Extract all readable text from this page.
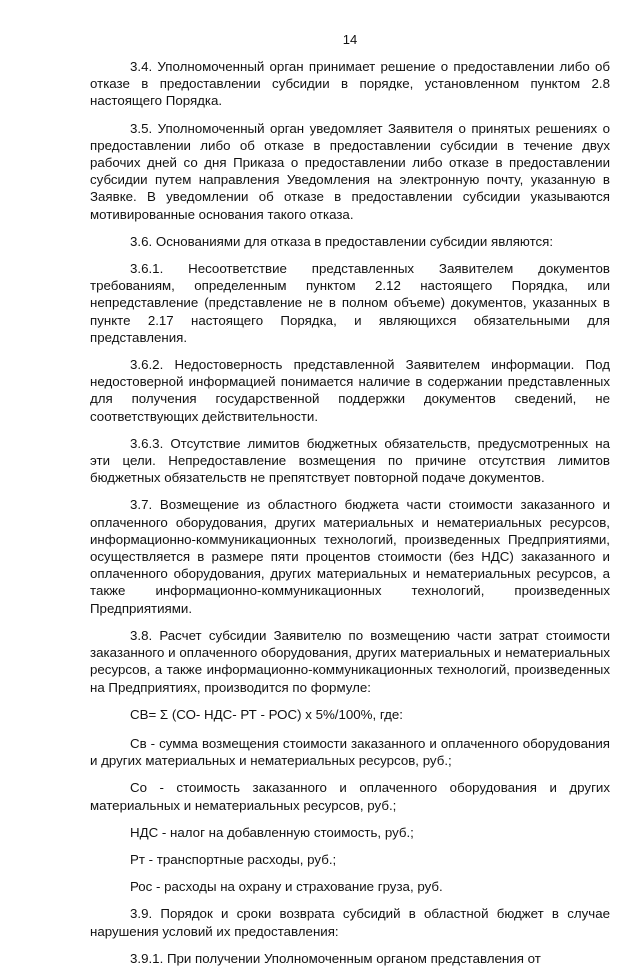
14

3.4. Уполномоченный орган принимает решение о предоставлении либо об отказе в предоставлении субсидии в порядке, установленном пунктом 2.8 настоящего Порядка.

3.5. Уполномоченный орган уведомляет Заявителя о принятых решениях о предоставлении либо об отказе в предоставлении субсидии в течение двух рабочих дней со дня Приказа о предоставлении либо отказе в предоставлении субсидии путем направления Уведомления на электронную почту, указанную в Заявке. В уведомлении об отказе в предоставлении субсидии указываются мотивированные основания такого отказа.

3.6. Основаниями для отказа в предоставлении субсидии являются:

3.6.1. Несоответствие представленных Заявителем документов требованиям, определенным пунктом 2.12 настоящего Порядка, или непредставление (представление не в полном объеме) документов, указанных в пункте 2.17 настоящего Порядка, и являющихся обязательными для представления.

3.6.2. Недостоверность представленной Заявителем информации. Под недостоверной информацией понимается наличие в содержании представленных для получения государственной поддержки документов сведений, не соответствующих действительности.

3.6.3. Отсутствие лимитов бюджетных обязательств, предусмотренных на эти цели. Непредоставление возмещения по причине отсутствия лимитов бюджетных обязательств не препятствует повторной подаче документов.

3.7. Возмещение из областного бюджета части стоимости заказанного и оплаченного оборудования, других материальных и нематериальных ресурсов, информационно-коммуникационных технологий, произведенных Предприятиями, осуществляется в размере пяти процентов стоимости (без НДС) заказанного и оплаченного оборудования, других материальных и нематериальных ресурсов, а также информационно-коммуникационных технологий, произведенных Предприятиями.

3.8. Расчет субсидии Заявителю по возмещению части затрат стоимости заказанного и оплаченного оборудования, других материальных и нематериальных ресурсов, а также информационно-коммуникационных технологий, произведенных на Предприятиях, производится по формуле:

СВ= Σ (СО- НДС- РТ - РОС) х 5%/100%, где:

Св - сумма возмещения стоимости заказанного и оплаченного оборудования и других материальных и нематериальных ресурсов, руб.;

Со - стоимость заказанного и оплаченного оборудования и других материальных и нематериальных ресурсов, руб.;

НДС - налог на добавленную стоимость, руб.;

Рт - транспортные расходы, руб.;

Рос - расходы на охрану и страхование груза, руб.

3.9. Порядок и сроки возврата субсидий в областной бюджет в случае нарушения условий их предоставления:

3.9.1. При получении Уполномоченным органом представления от
